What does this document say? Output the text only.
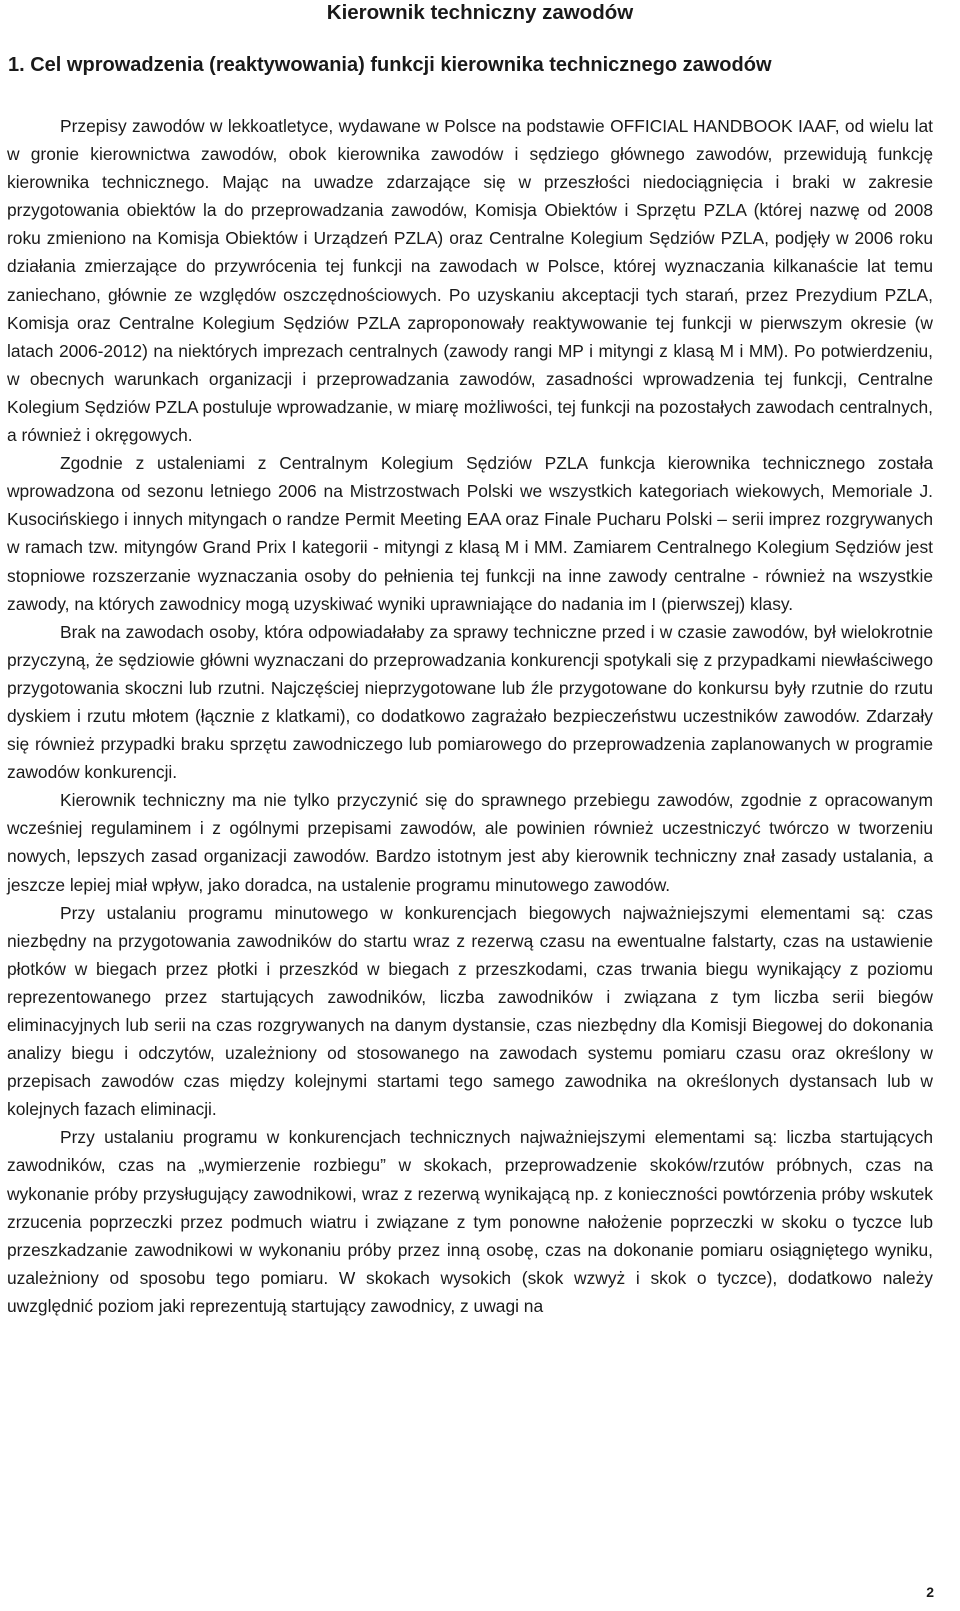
Kierownik techniczny zawodów
1. Cel wprowadzenia (reaktywowania) funkcji kierownika technicznego zawodów

Przepisy zawodów w lekkoatletyce, wydawane w Polsce na podstawie OFFICIAL HANDBOOK IAAF, od wielu lat w gronie kierownictwa zawodów, obok kierownika zawodów i sędziego głównego zawodów, przewidują funkcję kierownika technicznego. Mając na uwadze zdarzające się w przeszłości niedociągnięcia i braki w zakresie przygotowania obiektów la do przeprowadzania zawodów, Komisja Obiektów i Sprzętu PZLA (której nazwę od 2008 roku zmieniono na Komisja Obiektów i Urządzeń PZLA) oraz Centralne Kolegium Sędziów PZLA, podjęły w 2006 roku działania zmierzające do przywrócenia tej funkcji na zawodach w Polsce, której wyznaczania kilkanaście lat temu zaniechano, głównie ze względów oszczędnościowych. Po uzyskaniu akceptacji tych starań, przez Prezydium PZLA, Komisja oraz Centralne Kolegium Sędziów PZLA zaproponowały reaktywowanie tej funkcji w pierwszym okresie (w latach 2006-2012) na niektórych imprezach centralnych (zawody rangi MP i mityngi z klasą M i MM). Po potwierdzeniu, w obecnych warunkach organizacji i przeprowadzania zawodów, zasadności wprowadzenia tej funkcji, Centralne Kolegium Sędziów PZLA postuluje wprowadzanie, w miarę możliwości, tej funkcji na pozostałych zawodach centralnych, a również i okręgowych.

Zgodnie z ustaleniami z Centralnym Kolegium Sędziów PZLA funkcja kierownika technicznego została wprowadzona od sezonu letniego 2006 na Mistrzostwach Polski we wszystkich kategoriach wiekowych, Memoriale J. Kusocińskiego i innych mityngach o randze Permit Meeting EAA oraz Finale Pucharu Polski – serii imprez rozgrywanych w ramach tzw. mityngów Grand Prix I kategorii - mityngi z klasą M i MM. Zamiarem Centralnego Kolegium Sędziów jest stopniowe rozszerzanie wyznaczania osoby do pełnienia tej funkcji na inne zawody centralne - również na wszystkie zawody, na których zawodnicy mogą uzyskiwać wyniki uprawniające do nadania im I (pierwszej) klasy.

Brak na zawodach osoby, która odpowiadałaby za sprawy techniczne przed i w czasie zawodów, był wielokrotnie przyczyną, że sędziowie główni wyznaczani do przeprowadzania konkurencji spotykali się z przypadkami niewłaściwego przygotowania skoczni lub rzutni. Najczęściej nieprzygotowane lub źle przygotowane do konkursu były rzutnie do rzutu dyskiem i rzutu młotem (łącznie z klatkami), co dodatkowo zagrażało bezpieczeństwu uczestników zawodów. Zdarzały się również przypadki braku sprzętu zawodniczego lub pomiarowego do przeprowadzenia zaplanowanych w programie zawodów konkurencji.

Kierownik techniczny ma nie tylko przyczynić się do sprawnego przebiegu zawodów, zgodnie z opracowanym wcześniej regulaminem i z ogólnymi przepisami zawodów, ale powinien również uczestniczyć twórczo w tworzeniu nowych, lepszych zasad organizacji zawodów. Bardzo istotnym jest aby kierownik techniczny znał zasady ustalania, a jeszcze lepiej miał wpływ, jako doradca, na ustalenie programu minutowego zawodów.

Przy ustalaniu programu minutowego w konkurencjach biegowych najważniejszymi elementami są: czas niezbędny na przygotowania zawodników do startu wraz z rezerwą czasu na ewentualne falstarty, czas na ustawienie płotków w biegach przez płotki i przeszkód w biegach z przeszkodami, czas trwania biegu wynikający z poziomu reprezentowanego przez startujących zawodników, liczba zawodników i związana z tym liczba serii biegów eliminacyjnych lub serii na czas rozgrywanych na danym dystansie, czas niezbędny dla Komisji Biegowej do dokonania analizy biegu i odczytów, uzależniony od stosowanego na zawodach systemu pomiaru czasu oraz określony w przepisach zawodów czas między kolejnymi startami tego samego zawodnika na określonych dystansach lub w kolejnych fazach eliminacji.

Przy ustalaniu programu w konkurencjach technicznych najważniejszymi elementami są: liczba startujących zawodników, czas na „wymierzenie rozbiegu” w skokach, przeprowadzenie skoków/rzutów próbnych, czas na wykonanie próby przysługujący zawodnikowi, wraz z rezerwą wynikającą np. z konieczności powtórzenia próby wskutek zrzucenia poprzeczki przez podmuch wiatru i związane z tym ponowne nałożenie poprzeczki w skoku o tyczce lub przeszkadzanie zawodnikowi w wykonaniu próby przez inną osobę, czas na dokonanie pomiaru osiągniętego wyniku, uzależniony od sposobu tego pomiaru. W skokach wysokich (skok wzwyż i skok o tyczce), dodatkowo należy uwzględnić poziom jaki reprezentują startujący zawodnicy, z uwagi na

2
